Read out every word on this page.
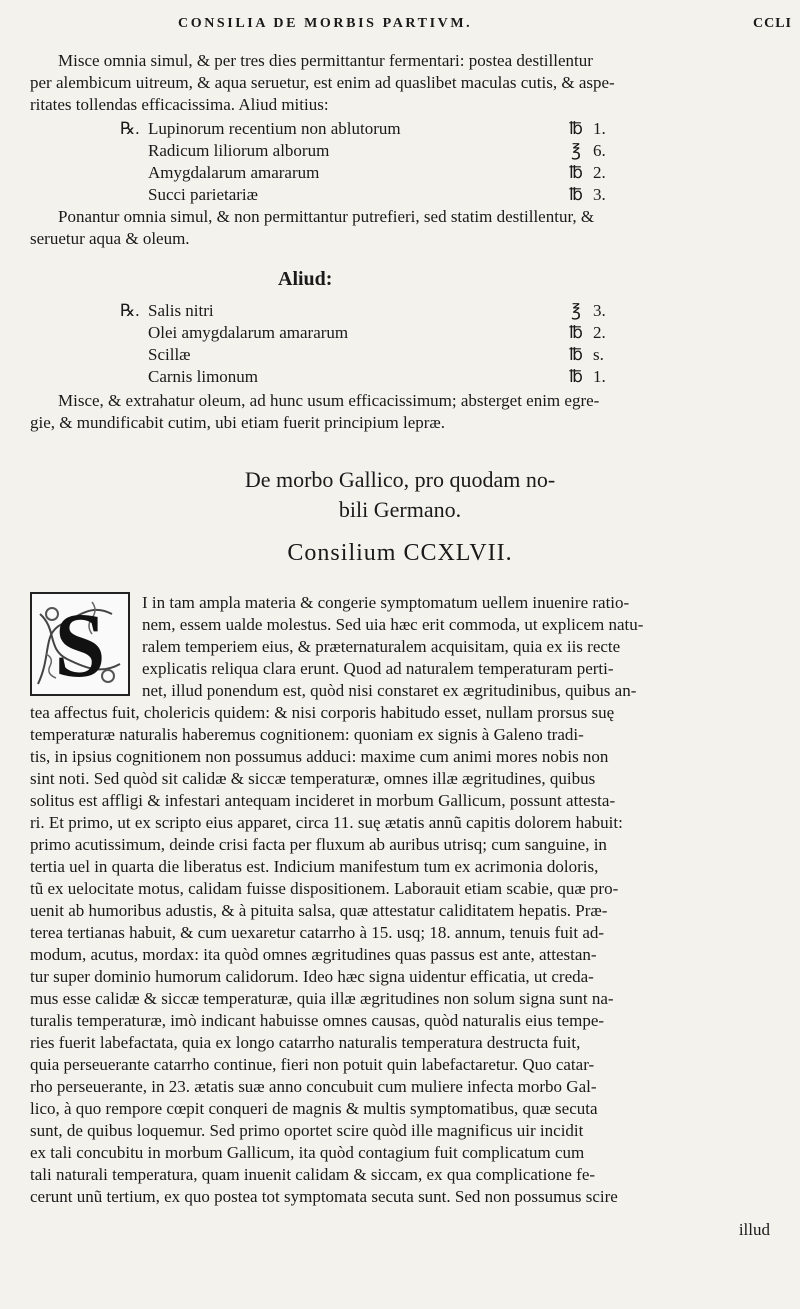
CONSILIA DE MORBIS PARTIVM.	CCLI
Misce omnia simul, & per tres dies permittantur fermentari: postea destillentur
per alembicum uitreum, & aqua seruetur, est enim ad quaslibet maculas cutis, & aspe-
ritates tollendas efficacissima. Aliud mitius:
℞. Lupinorum recentium non ablutorum	℔ 1.
Radicum liliorum alborum	℥ 6.
Amygdalarum amararum	℔ 2.
Succi parietariæ	℔ 3.
Ponantur omnia simul, & non permittantur putrefieri, sed statim destillentur, &
seruetur aqua & oleum.
Aliud:
℞. Salis nitri	℥ 3.
Olei amygdalarum amararum	℔ 2.
Scillæ	℔ s.
Carnis limonum	℔ 1.
Misce, & extrahatur oleum, ad hunc usum efficacissimum; absterget enim egre-
gie, & mundificabit cutim, ubi etiam fuerit principium lepræ.
De morbo Gallico, pro quodam no-
bili Germano.
Consilium CCXLVII.
S	I in tam ampla materia & congerie symptomatum uellem inuenire ratio-
nem, essem ualde molestus. Sed uia hæc erit commoda, ut explicem natu-
ralem temperiem eius, & præternaturalem acquisitam, quia ex iis recte
explicatis reliqua clara erunt. Quod ad naturalem temperaturam perti-
net, illud ponendum est, quòd nisi constaret ex ægritudinibus, quibus an-
tea affectus fuit, cholericis quidem: & nisi corporis habitudo esset, nullam prorsus suę
temperaturæ naturalis haberemus cognitionem: quoniam ex signis à Galeno tradi-
tis, in ipsius cognitionem non possumus adduci: maxime cum animi mores nobis non
sint noti. Sed quòd sit calidæ & siccæ temperaturæ, omnes illæ ægritudines, quibus
solitus est affligi & infestari antequam incideret in morbum Gallicum, possunt attesta-
ri. Et primo, ut ex scripto eius apparet, circa 11. suę ætatis annũ capitis dolorem habuit:
primo acutissimum, deinde crisi facta per fluxum ab auribus utrisq; cum sanguine, in
tertia uel in quarta die liberatus est. Indicium manifestum tum ex acrimonia doloris,
tũ ex uelocitate motus, calidam fuisse dispositionem. Laborauit etiam scabie, quæ pro-
uenit ab humoribus adustis, & à pituita salsa, quæ attestatur caliditatem hepatis. Præ-
terea tertianas habuit, & cum uexaretur catarrho à 15. usq; 18. annum, tenuis fuit ad-
modum, acutus, mordax: ita quòd omnes ægritudines quas passus est ante, attestan-
tur super dominio humorum calidorum. Ideo hæc signa uidentur efficatia, ut creda-
mus esse calidæ & siccæ temperaturæ, quia illæ ægritudines non solum signa sunt na-
turalis temperaturæ, imò indicant habuisse omnes causas, quòd naturalis eius tempe-
ries fuerit labefactata, quia ex longo catarrho naturalis temperatura destructa fuit,
quia perseuerante catarrho continue, fieri non potuit quin labefactaretur. Quo catar-
rho perseuerante, in 23. ætatis suæ anno concubuit cum muliere infecta morbo Gal-
lico, à quo rempore cœpit conqueri de magnis & multis symptomatibus, quæ secuta
sunt, de quibus loquemur. Sed primo oportet scire quòd ille magnificus uir incidit
ex tali concubitu in morbum Gallicum, ita quòd contagium fuit complicatum cum
tali naturali temperatura, quam inuenit calidam & siccam, ex qua complicatione fe-
cerunt unũ tertium, ex quo postea tot symptomata secuta sunt. Sed non possumus scire
illud
